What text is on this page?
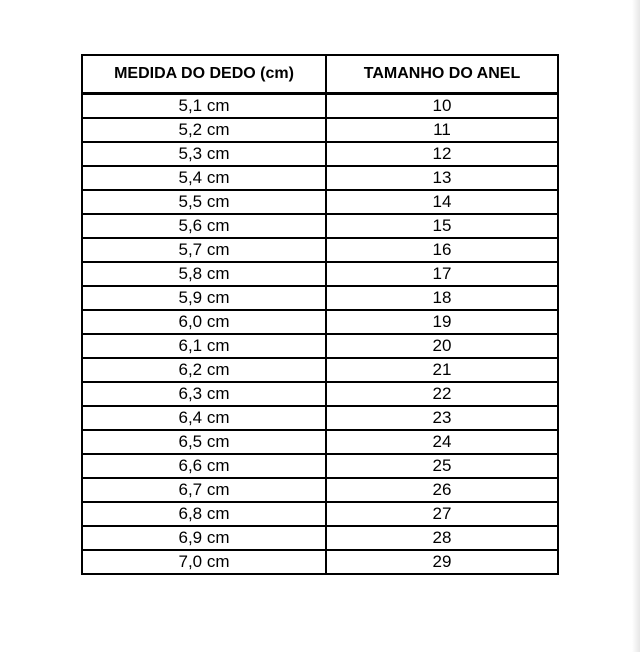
MEDIDA DO DEDO (cm)	TAMANHO DO ANEL
5,1 cm	10
5,2 cm	11
5,3 cm	12
5,4 cm	13
5,5 cm	14
5,6 cm	15
5,7 cm	16
5,8 cm	17
5,9 cm	18
6,0 cm	19
6,1 cm	20
6,2 cm	21
6,3 cm	22
6,4 cm	23
6,5 cm	24
6,6 cm	25
6,7 cm	26
6,8 cm	27
6,9 cm	28
7,0 cm	29
